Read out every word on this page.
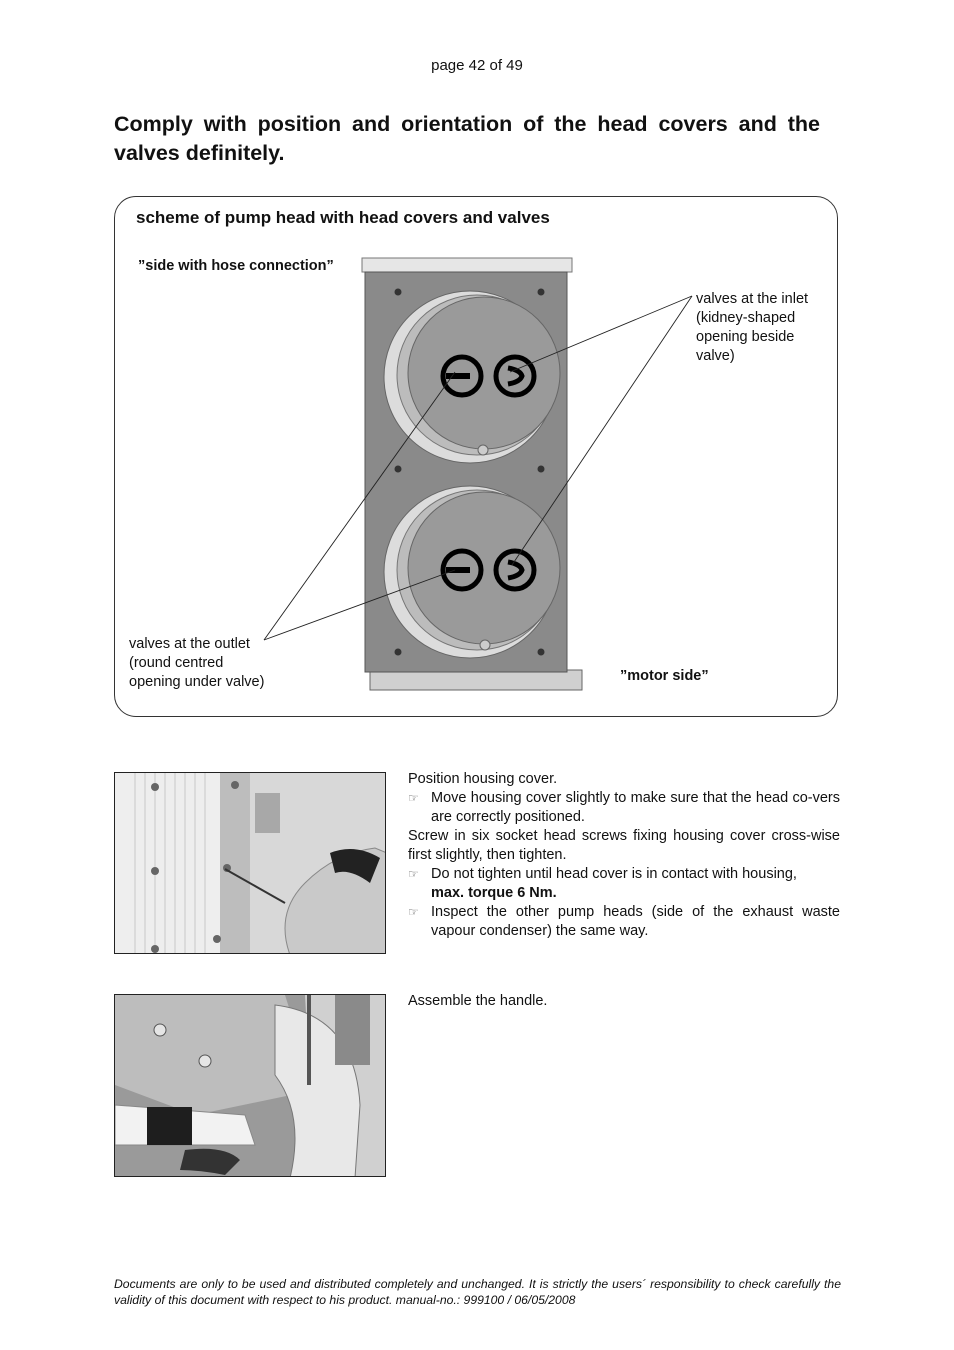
page 42 of 49
Comply with position and orientation of the head covers and the valves definitely.
scheme of pump head with head covers and valves
”side with hose connection”
valves at the inlet (kidney-shaped opening beside valve)
valves at the outlet (round centred opening under valve)	”motor side”

Position housing cover.

☞ Move housing cover slightly to make sure that the head co-vers are correctly positioned.

Screw in six socket head screws fixing housing cover cross-wise first slightly, then tighten.

☞ Do not tighten until head cover is in contact with housing,
max. torque 6 Nm.
☞ Inspect the other pump heads (side of the exhaust waste vapour condenser) the same way.
Assemble the handle.
Documents are only to be used and distributed completely and unchanged. It is strictly the users´ responsibility to check carefully the validity of this document with respect to his product. manual-no.: 999100 / 06/05/2008
